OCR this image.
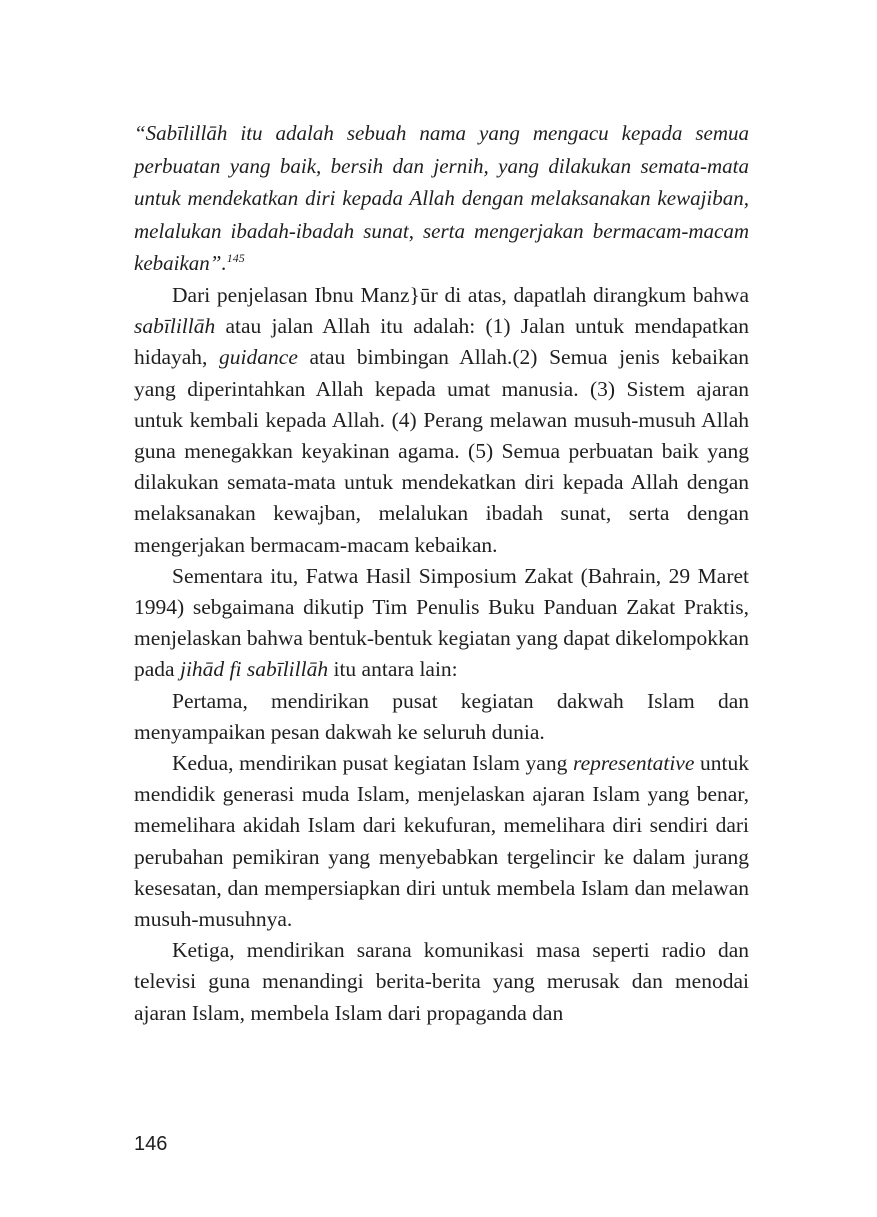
“Sabīlillāh itu adalah sebuah nama yang mengacu kepada semua perbuatan yang baik, bersih dan jernih, yang dilakukan semata-mata untuk mendekatkan diri kepada Allah dengan melaksanakan kewajiban, melalukan ibadah-ibadah sunat, serta mengerjakan bermacam-macam kebaikan”.$^{145}$

Dari penjelasan Ibnu Manz}ūr di atas, dapatlah dirangkum bahwa sabīlillāh atau jalan Allah itu adalah: (1) Jalan untuk mendapatkan hidayah, guidance atau bimbingan Allah.(2) Semua jenis kebaikan yang diperintahkan Allah kepada umat manusia. (3) Sistem ajaran untuk kembali kepada Allah. (4) Perang melawan musuh-musuh Allah guna menegakkan keyakinan agama. (5) Semua perbuatan baik yang dilakukan semata-mata untuk mendekatkan diri kepada Allah dengan melaksanakan kewajban, melalukan ibadah sunat, serta dengan mengerjakan bermacam-macam kebaikan.

Sementara itu, Fatwa Hasil Simposium Zakat (Bahrain, 29 Maret 1994) sebgaimana dikutip Tim Penulis Buku Panduan Zakat Praktis, menjelaskan bahwa bentuk-bentuk kegiatan yang dapat dikelompokkan pada jihād fi sabīlillāh itu antara lain:

Pertama, mendirikan pusat kegiatan dakwah Islam dan menyampaikan pesan dakwah ke seluruh dunia.

Kedua, mendirikan pusat kegiatan Islam yang representative untuk mendidik generasi muda Islam, menjelaskan ajaran Islam yang benar, memelihara akidah Islam dari kekufuran, memelihara diri sendiri dari perubahan pemikiran yang menyebabkan tergelincir ke dalam jurang kesesatan, dan mempersiapkan diri untuk membela Islam dan melawan musuh-musuhnya.

Ketiga, mendirikan sarana komunikasi masa seperti radio dan televisi guna menandingi berita-berita yang merusak dan menodai ajaran Islam, membela Islam dari propaganda dan

146
